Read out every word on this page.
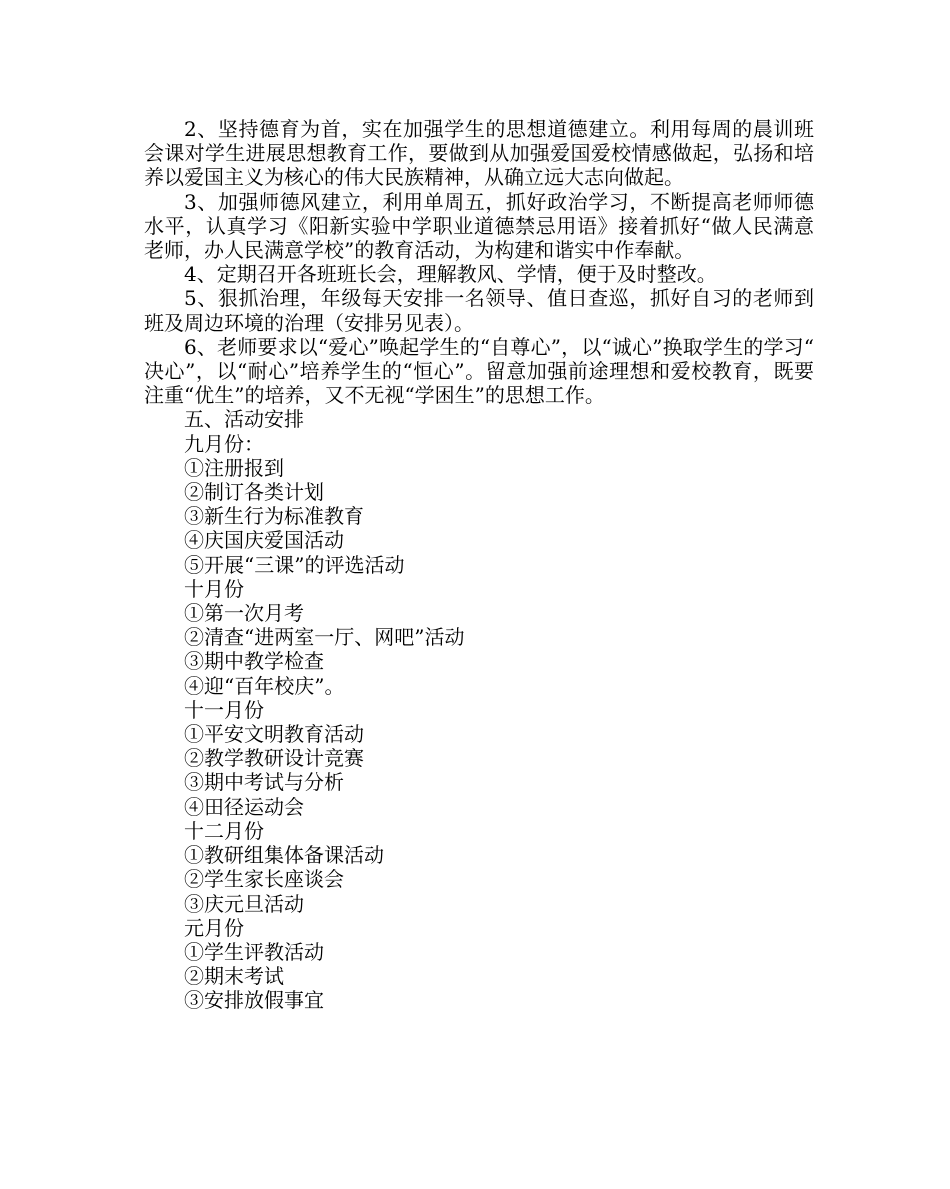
2、坚持德育为首，实在加强学生的思想道德建立。利用每周的晨训班会课对学生进展思想教育工作，要做到从加强爱国爱校情感做起，弘扬和培养以爱国主义为核心的伟大民族精神，从确立远大志向做起。

3、加强师德风建立，利用单周五，抓好政治学习，不断提高老师师德水平，认真学习《阳新实验中学职业道德禁忌用语》接着抓好“做人民满意老师，办人民满意学校”的教育活动，为构建和谐实中作奉献。

4、定期召开各班班长会，理解教风、学情，便于及时整改。

5、狠抓治理，年级每天安排一名领导、值日查巡，抓好自习的老师到班及周边环境的治理（安排另见表）。

6、老师要求以“爱心”唤起学生的“自尊心”，以“诚心”换取学生的学习“决心”，以“耐心”培养学生的“恒心”。留意加强前途理想和爱校教育，既要注重“优生”的培养，又不无视“学困生”的思想工作。

五、活动安排

九月份：

①注册报到

②制订各类计划

③新生行为标准教育

④庆国庆爱国活动

⑤开展“三课”的评选活动

十月份

①第一次月考

②清查“进两室一厅、网吧”活动

③期中教学检查

④迎“百年校庆”。

十一月份

①平安文明教育活动

②教学教研设计竞赛

③期中考试与分析

④田径运动会

十二月份

①教研组集体备课活动

②学生家长座谈会

③庆元旦活动

元月份

①学生评教活动

②期末考试

③安排放假事宜
